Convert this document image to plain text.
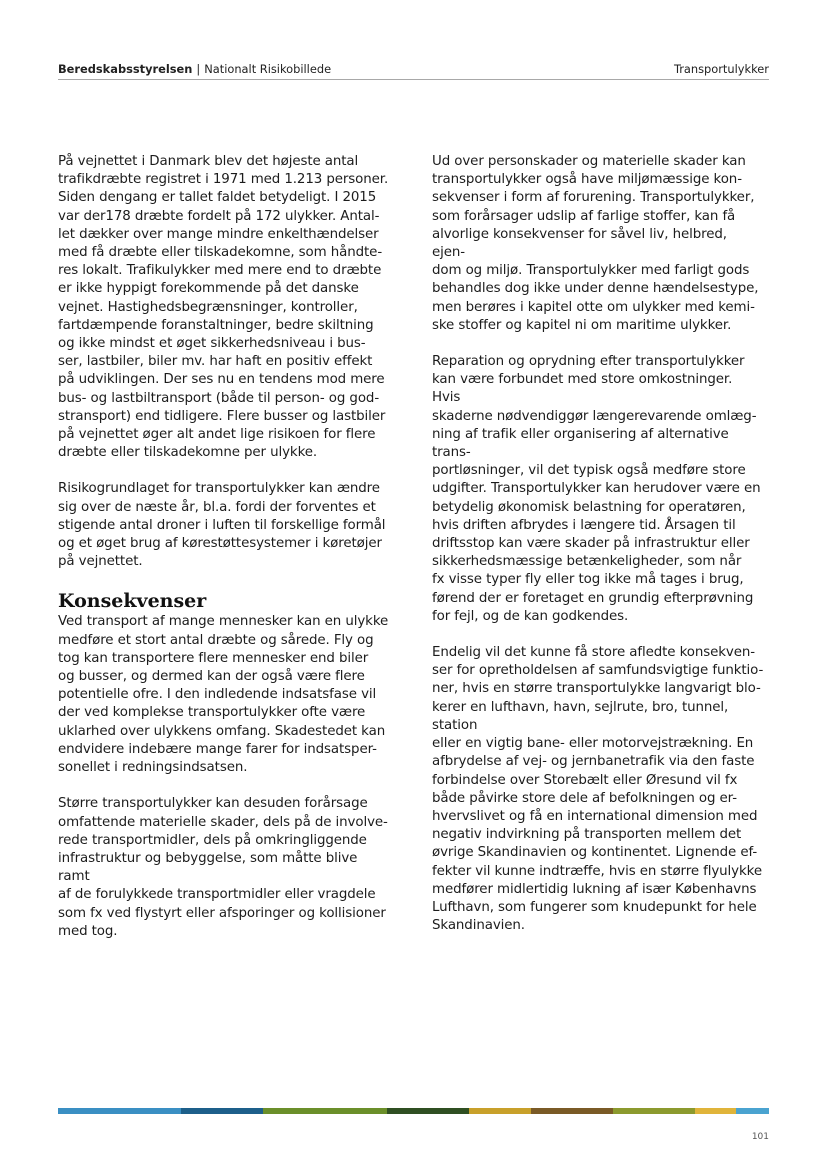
Beredskabsstyrelsen | Nationalt Risikobillede	Transportulykker

På vejnettet i Danmark blev det højeste antal
trafikdræbte registret i 1971 med 1.213 personer.
Siden dengang er tallet faldet betydeligt. I 2015
var der178 dræbte fordelt på 172 ulykker. Antal-
let dækker over mange mindre enkelthændelser
med få dræbte eller tilskadekomne, som håndte-
res lokalt. Trafikulykker med mere end to dræbte
er ikke hyppigt forekommende på det danske
vejnet. Hastighedsbegrænsninger, kontroller,
fartdæmpende foranstaltninger, bedre skiltning
og ikke mindst et øget sikkerhedsniveau i bus-
ser, lastbiler, biler mv. har haft en positiv effekt
på udviklingen. Der ses nu en tendens mod mere
bus- og lastbiltransport (både til person- og god-
stransport) end tidligere. Flere busser og lastbiler
på vejnettet øger alt andet lige risikoen for flere
dræbte eller tilskadekomne per ulykke.

Risikogrundlaget for transportulykker kan ændre
sig over de næste år, bl.a. fordi der forventes et
stigende antal droner i luften til forskellige formål
og et øget brug af kørestøttesystemer i køretøjer
på vejnettet.

Konsekvenser

Ved transport af mange mennesker kan en ulykke
medføre et stort antal dræbte og sårede. Fly og
tog kan transportere flere mennesker end biler
og busser, og dermed kan der også være flere
potentielle ofre. I den indledende indsatsfase vil
der ved komplekse transportulykker ofte være
uklarhed over ulykkens omfang. Skadestedet kan
endvidere indebære mange farer for indsatsper-
sonellet i redningsindsatsen.

Større transportulykker kan desuden forårsage
omfattende materielle skader, dels på de involve-
rede transportmidler, dels på omkringliggende
infrastruktur og bebyggelse, som måtte blive ramt
af de forulykkede transportmidler eller vragdele
som fx ved flystyrt eller afsporinger og kollisioner
med tog.

Ud over personskader og materielle skader kan
transportulykker også have miljømæssige kon-
sekvenser i form af forurening. Transportulykker,
som forårsager udslip af farlige stoffer, kan få
alvorlige konsekvenser for såvel liv, helbred, ejen-
dom og miljø. Transportulykker med farligt gods
behandles dog ikke under denne hændelsestype,
men berøres i kapitel otte om ulykker med kemi-
ske stoffer og kapitel ni om maritime ulykker.

Reparation og oprydning efter transportulykker
kan være forbundet med store omkostninger. Hvis
skaderne nødvendiggør længerevarende omlæg-
ning af trafik eller organisering af alternative trans-
portløsninger, vil det typisk også medføre store
udgifter. Transportulykker kan herudover være en
betydelig økonomisk belastning for operatøren,
hvis driften afbrydes i længere tid. Årsagen til
driftsstop kan være skader på infrastruktur eller
sikkerhedsmæssige betænkeligheder, som når
fx visse typer fly eller tog ikke må tages i brug,
førend der er foretaget en grundig efterprøvning
for fejl, og de kan godkendes.

Endelig vil det kunne få store afledte konsekven-
ser for opretholdelsen af samfundsvigtige funktio-
ner, hvis en større transportulykke langvarigt blo-
kerer en lufthavn, havn, sejlrute, bro, tunnel, station
eller en vigtig bane- eller motorvejstrækning. En
afbrydelse af vej- og jernbanetrafik via den faste
forbindelse over Storebælt eller Øresund vil fx
både påvirke store dele af befolkningen og er-
hvervslivet og få en international dimension med
negativ indvirkning på transporten mellem det
øvrige Skandinavien og kontinentet. Lignende ef-
fekter vil kunne indtræffe, hvis en større flyulykke
medfører midlertidig lukning af især Københavns
Lufthavn, som fungerer som knudepunkt for hele
Skandinavien.

101
